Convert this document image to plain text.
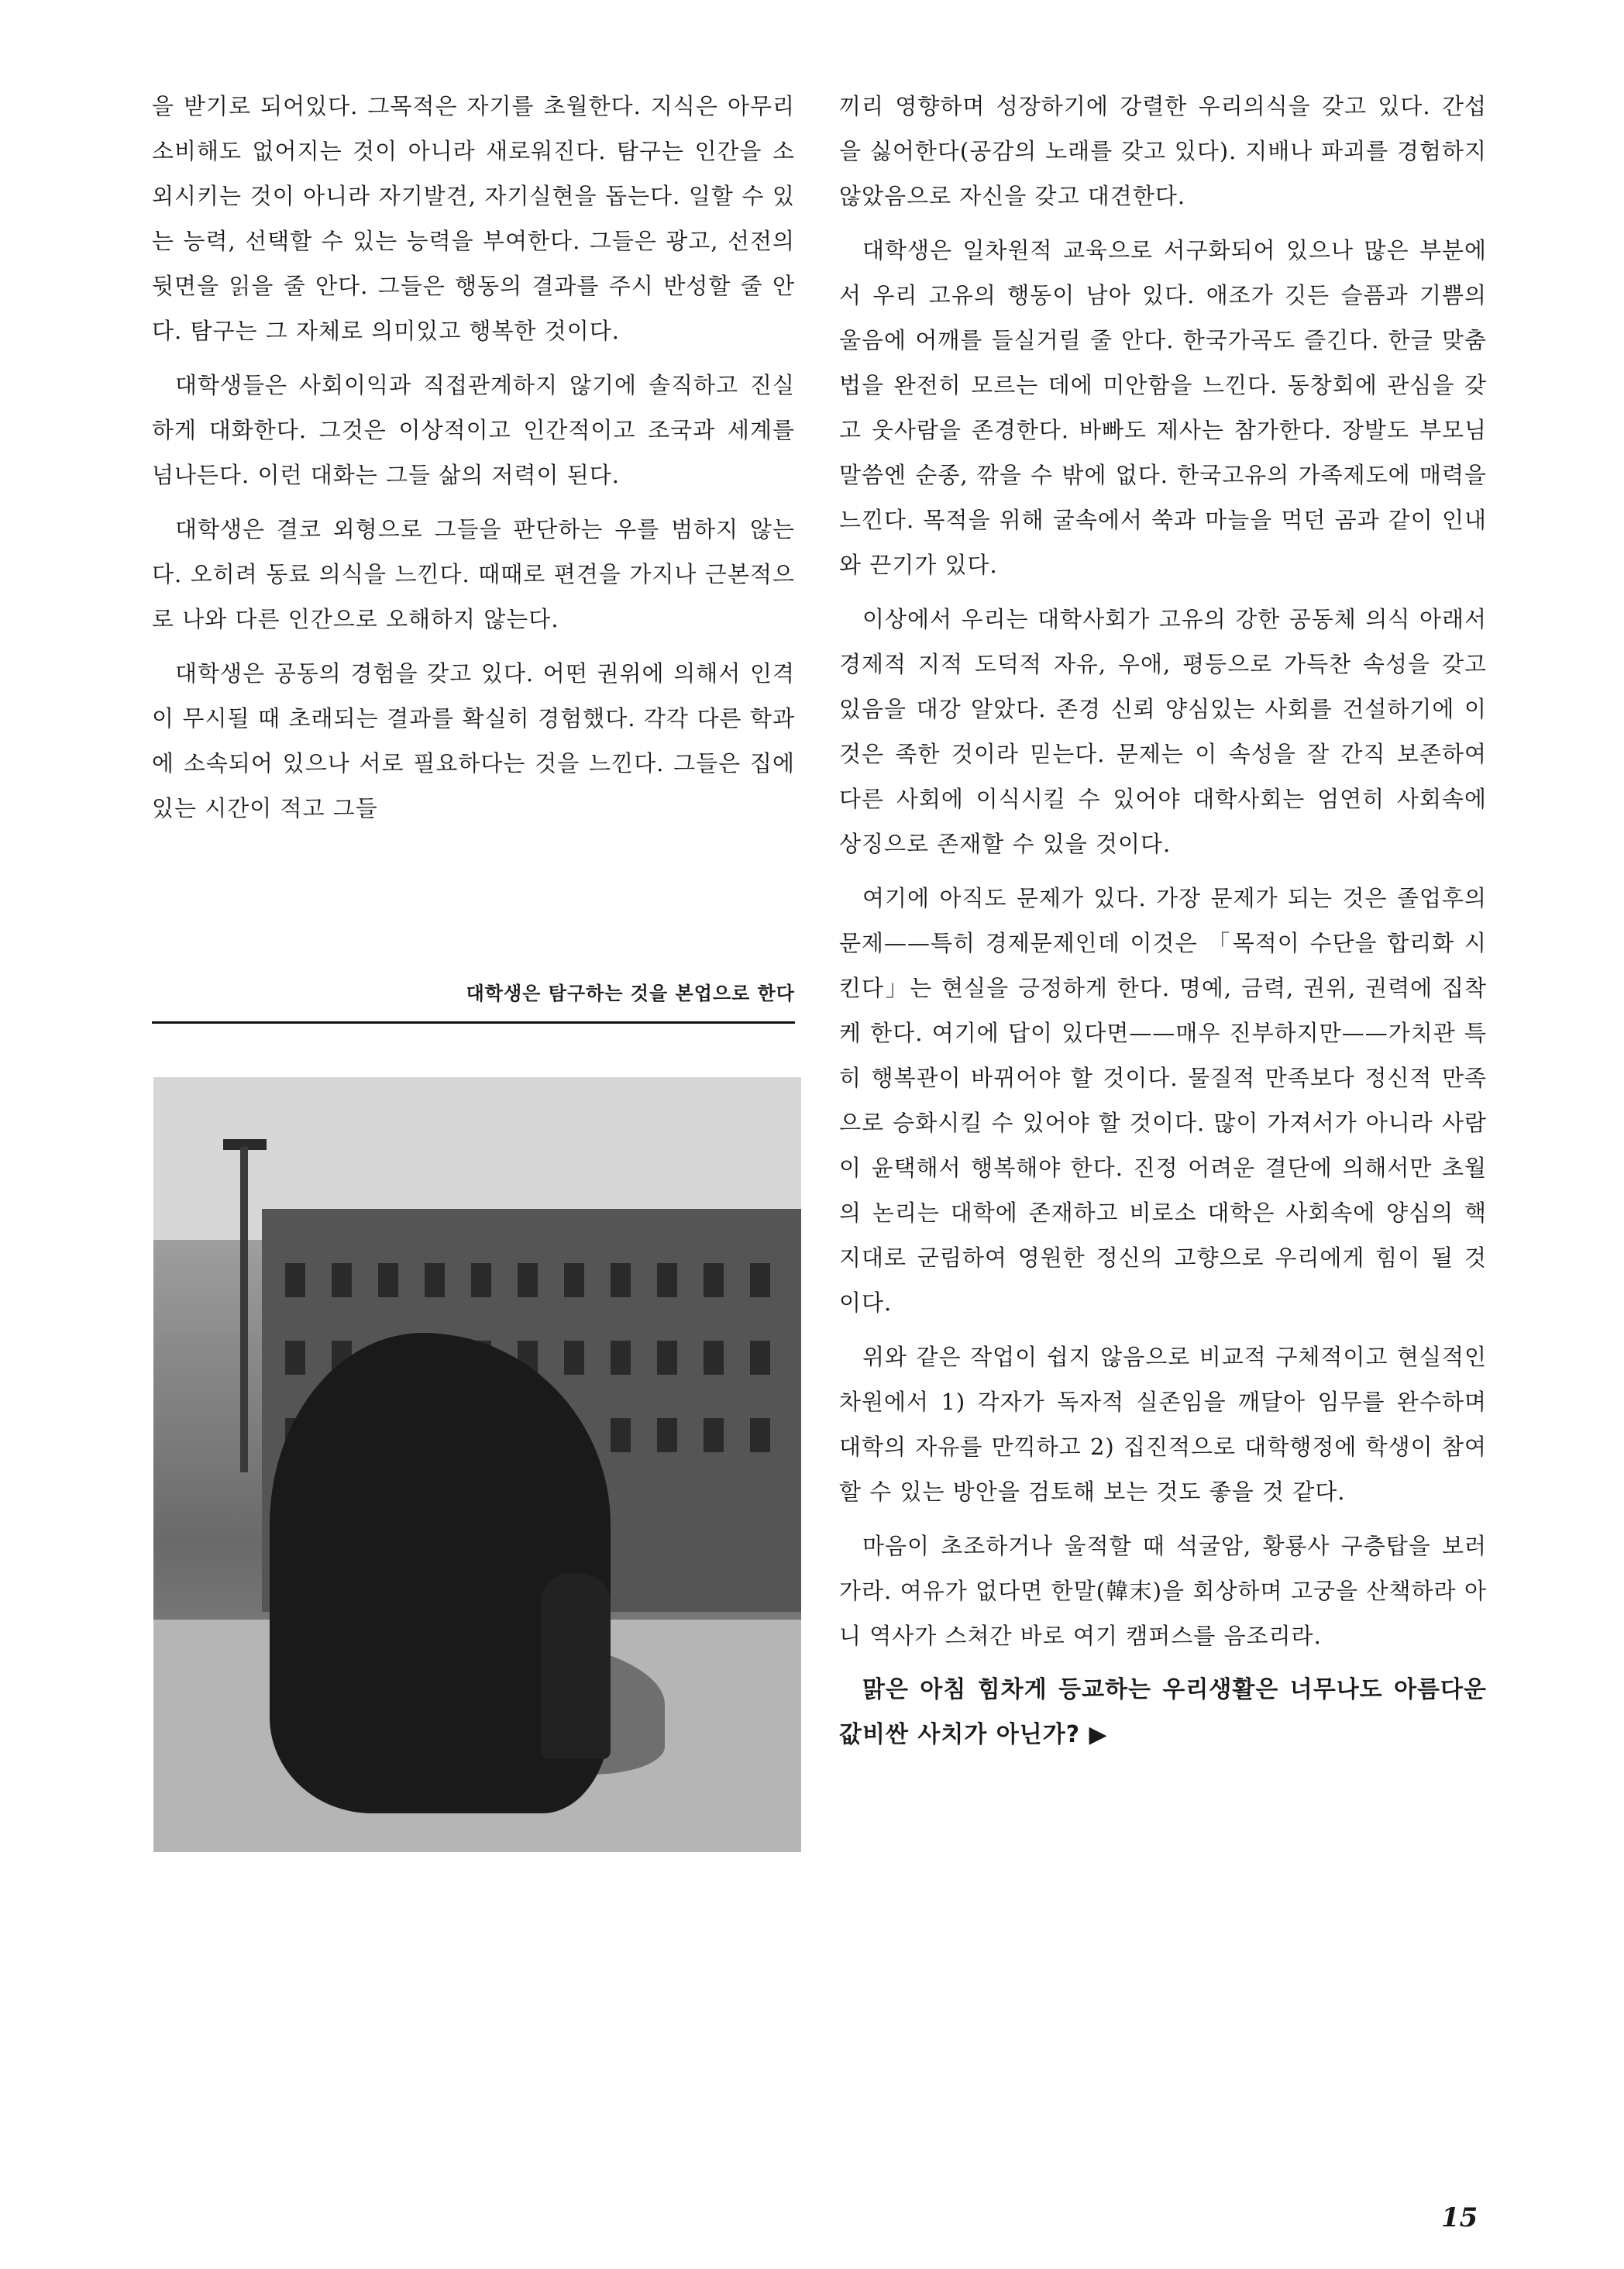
을 받기로 되어있다. 그목적은 자기를 초월한다. 지식은 아무리 소비해도 없어지는 것이 아니라 새로워진다. 탐구는 인간을 소외시키는 것이 아니라 자기발견, 자기실현을 돕는다. 일할 수 있는 능력, 선택할 수 있는 능력을 부여한다. 그들은 광고, 선전의 뒷면을 읽을 줄 안다. 그들은 행동의 결과를 주시 반성할 줄 안다. 탐구는 그 자체로 의미있고 행복한 것이다.

대학생들은 사회이익과 직접관계하지 않기에 솔직하고 진실하게 대화한다. 그것은 이상적이고 인간적이고 조국과 세계를 넘나든다. 이런 대화는 그들 삶의 저력이 된다.

대학생은 결코 외형으로 그들을 판단하는 우를 범하지 않는다. 오히려 동료 의식을 느낀다. 때때로 편견을 가지나 근본적으로 나와 다른 인간으로 오해하지 않는다.

대학생은 공동의 경험을 갖고 있다. 어떤 권위에 의해서 인격이 무시될 때 초래되는 결과를 확실히 경험했다. 각각 다른 학과에 소속되어 있으나 서로 필요하다는 것을 느낀다. 그들은 집에 있는 시간이 적고 그들

대학생은 탐구하는 것을 본업으로 한다

끼리 영향하며 성장하기에 강렬한 우리의식을 갖고 있다. 간섭을 싫어한다(공감의 노래를 갖고 있다). 지배나 파괴를 경험하지 않았음으로 자신을 갖고 대견한다.

대학생은 일차원적 교육으로 서구화되어 있으나 많은 부분에서 우리 고유의 행동이 남아 있다. 애조가 깃든 슬픔과 기쁨의 울음에 어깨를 들실거릴 줄 안다. 한국가곡도 즐긴다. 한글 맞춤법을 완전히 모르는 데에 미안함을 느낀다. 동창회에 관심을 갖고 웃사람을 존경한다. 바빠도 제사는 참가한다. 장발도 부모님 말씀엔 순종, 깎을 수 밖에 없다. 한국고유의 가족제도에 매력을 느낀다. 목적을 위해 굴속에서 쑥과 마늘을 먹던 곰과 같이 인내와 끈기가 있다.

이상에서 우리는 대학사회가 고유의 강한 공동체 의식 아래서 경제적 지적 도덕적 자유, 우애, 평등으로 가득찬 속성을 갖고 있음을 대강 알았다. 존경 신뢰 양심있는 사회를 건설하기에 이것은 족한 것이라 믿는다. 문제는 이 속성을 잘 간직 보존하여 다른 사회에 이식시킬 수 있어야 대학사회는 엄연히 사회속에 상징으로 존재할 수 있을 것이다.

여기에 아직도 문제가 있다. 가장 문제가 되는 것은 졸업후의 문제——특히 경제문제인데 이것은 「목적이 수단을 합리화 시킨다」는 현실을 긍정하게 한다. 명예, 금력, 권위, 권력에 집착케 한다. 여기에 답이 있다면——매우 진부하지만——가치관 특히 행복관이 바뀌어야 할 것이다. 물질적 만족보다 정신적 만족으로 승화시킬 수 있어야 할 것이다. 많이 가져서가 아니라 사람이 윤택해서 행복해야 한다. 진정 어려운 결단에 의해서만 초월의 논리는 대학에 존재하고 비로소 대학은 사회속에 양심의 핵지대로 군림하여 영원한 정신의 고향으로 우리에게 힘이 될 것이다.

위와 같은 작업이 쉽지 않음으로 비교적 구체적이고 현실적인 차원에서 1) 각자가 독자적 실존임을 깨달아 임무를 완수하며 대학의 자유를 만끽하고 2) 집진적으로 대학행정에 학생이 참여할 수 있는 방안을 검토해 보는 것도 좋을 것 같다.

마음이 초조하거나 울적할 때 석굴암, 황룡사 구층탑을 보러가라. 여유가 없다면 한말(韓末)을 회상하며 고궁을 산책하라 아니 역사가 스쳐간 바로 여기 캠퍼스를 음조리라.

맑은 아침 힘차게 등교하는 우리생활은 너무나도 아름다운 값비싼 사치가 아닌가? ▶

15
